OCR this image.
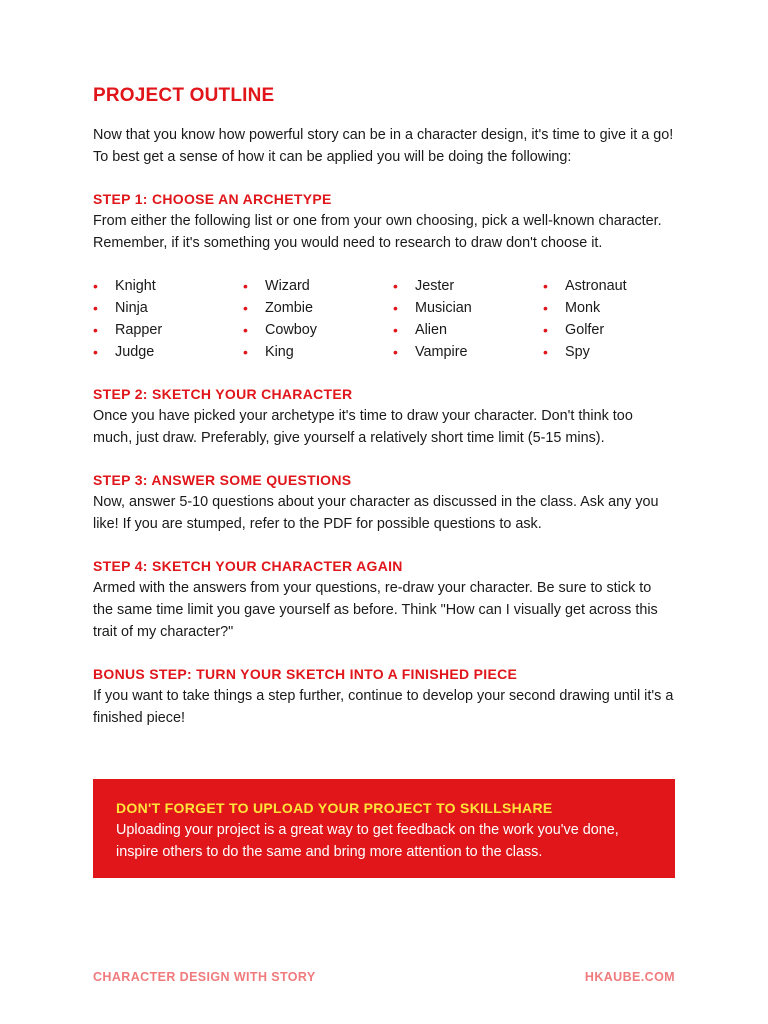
PROJECT OUTLINE

Now that you know how powerful story can be in a character design, it's time to give it a go! To best get a sense of how it can be applied you will be doing the following:

STEP 1: CHOOSE AN ARCHETYPE

From either the following list or one from your own choosing, pick a well-known character. Remember, if it's something you would need to research to draw don't choose it.

• Knight
• Ninja
• Rapper
• Judge
• Wizard
• Zombie
• Cowboy
• King
• Jester
• Musician
• Alien
• Vampire
• Astronaut
• Monk
• Golfer
• Spy

STEP 2: SKETCH YOUR CHARACTER

Once you have picked your archetype it's time to draw your character. Don't think too much, just draw. Preferably, give yourself a relatively short time limit (5-15 mins).

STEP 3: ANSWER SOME QUESTIONS

Now, answer 5-10 questions about your character as discussed in the class. Ask any you like! If you are stumped, refer to the PDF for possible questions to ask.

STEP 4: SKETCH YOUR CHARACTER AGAIN

Armed with the answers from your questions, re-draw your character. Be sure to stick to the same time limit you gave yourself as before. Think "How can I visually get across this trait of my character?"

BONUS STEP: TURN YOUR SKETCH INTO A FINISHED PIECE

If you want to take things a step further, continue to develop your second drawing until it's a finished piece!

DON'T FORGET TO UPLOAD YOUR PROJECT TO SKILLSHARE

Uploading your project is a great way to get feedback on the work you've done, inspire others to do the same and bring more attention to the class.

CHARACTER DESIGN WITH STORY	HKAUBE.COM
